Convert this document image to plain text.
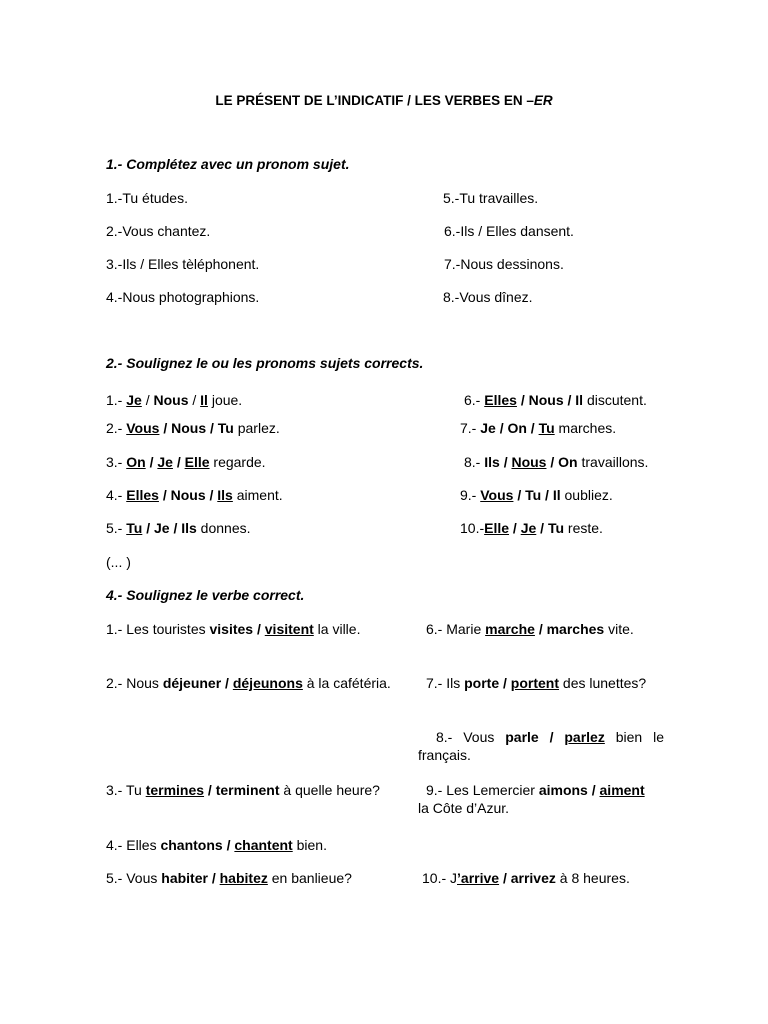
LE PRÉSENT DE L’INDICATIF / LES VERBES EN –ER
1.- Complétez avec un pronom sujet.
1.-Tu études.
2.-Vous chantez.
3.-Ils / Elles tèléphonent.
4.-Nous photographions.
5.-Tu travailles.
6.-Ils / Elles dansent.
7.-Nous dessinons.
8.-Vous dînez.
2.- Soulignez le ou les pronoms sujets corrects.
1.- Je / Nous / Il joue.
2.- Vous / Nous / Tu parlez.
3.- On / Je / Elle regarde.
4.- Elles / Nous / Ils aiment.
5.- Tu / Je / Ils donnes.
6.- Elles / Nous / Il discutent.
7.- Je / On / Tu marches.
8.- Ils / Nous / On travaillons.
9.- Vous / Tu / Il oubliez.
10.-Elle / Je / Tu reste.
(... )
4.- Soulignez le verbe correct.
1.- Les touristes visites / visitent la ville.	6.- Marie marche / marches vite.
2.- Nous déjeuner / déjeunons à la cafétéria.	7.- Ils porte / portent des lunettes?
8.- Vous parle / parlez bien le
français.
3.- Tu termines / terminent à quelle heure?	9.- Les Lemercier aimons / aiment
la Côte d’Azur.
4.- Elles chantons / chantent bien.
5.- Vous habiter / habitez en banlieue?	10.- J’arrive / arrivez à 8 heures.
